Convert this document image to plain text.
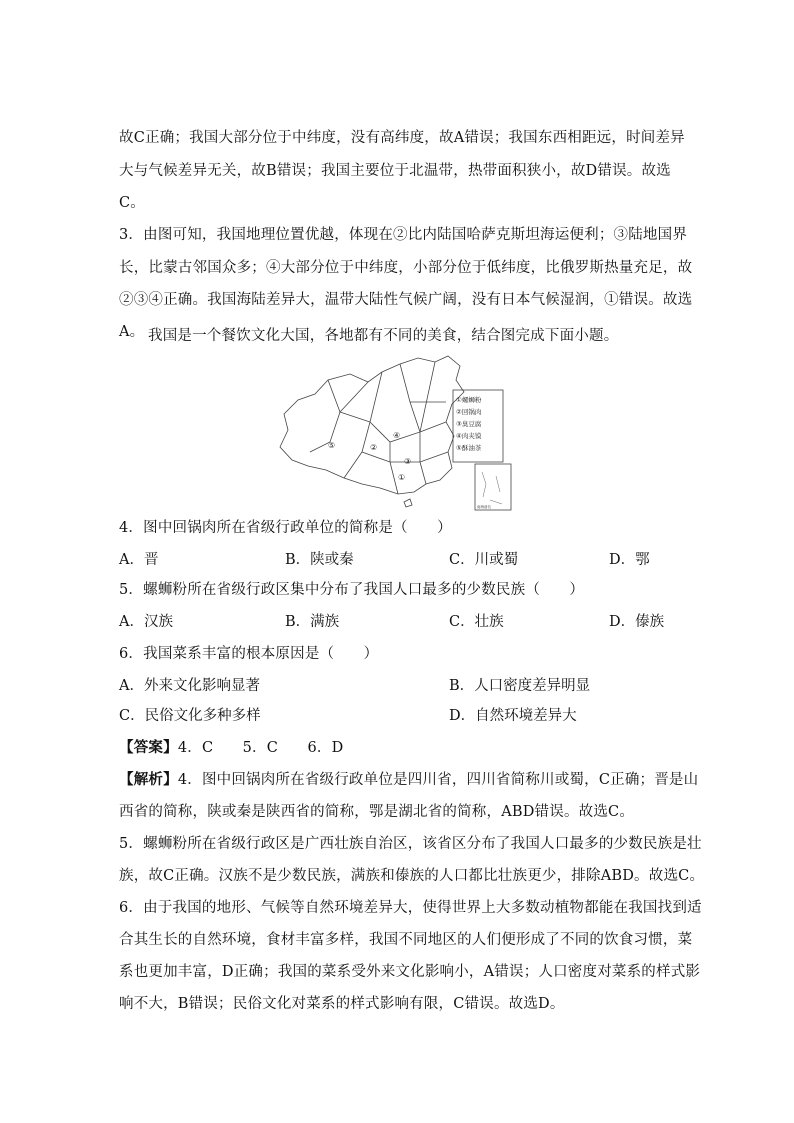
故C正确；我国大部分位于中纬度，没有高纬度，故A错误；我国东西相距远，时间差异
大与气候差异无关，故B错误；我国主要位于北温带，热带面积狭小，故D错误。故选
C。
3．由图可知，我国地理位置优越，体现在②比内陆国哈萨克斯坦海运便利；③陆地国界
长，比蒙古邻国众多；④大部分位于中纬度，小部分位于低纬度，比俄罗斯热量充足，故
②③④正确。我国海陆差异大，温带大陆性气候广阔，没有日本气候湿润，①错误。故选
A。 我国是一个餐饮文化大国，各地都有不同的美食，结合图完成下面小题。
①螺蛳粉
②回锅肉
③臭豆腐
④肉夹馍
⑤酥油茶
①
②
③
④
⑤
南海诸岛
4．图中回锅肉所在省级行政单位的简称是（　　）
A．晋	B．陕或秦	C．川或蜀	D．鄂
5．螺蛳粉所在省级行政区集中分布了我国人口最多的少数民族（　　）
A．汉族	B．满族	C．壮族	D．傣族
6．我国菜系丰富的根本原因是（　　）
A．外来文化影响显著	B．人口密度差异明显
C．民俗文化多种多样	D．自然环境差异大
【答案】4．C　　5．C　　6．D
【解析】4．图中回锅肉所在省级行政单位是四川省，四川省简称川或蜀，C正确；晋是山
西省的简称，陕或秦是陕西省的简称，鄂是湖北省的简称，ABD错误。故选C。
5．螺蛳粉所在省级行政区是广西壮族自治区，该省区分布了我国人口最多的少数民族是壮
族，故C正确。汉族不是少数民族，满族和傣族的人口都比壮族更少，排除ABD。故选C。
6．由于我国的地形、气候等自然环境差异大，使得世界上大多数动植物都能在我国找到适
合其生长的自然环境，食材丰富多样，我国不同地区的人们便形成了不同的饮食习惯，菜
系也更加丰富，D正确；我国的菜系受外来文化影响小，A错误；人口密度对菜系的样式影
响不大，B错误；民俗文化对菜系的样式影响有限，C错误。故选D。
